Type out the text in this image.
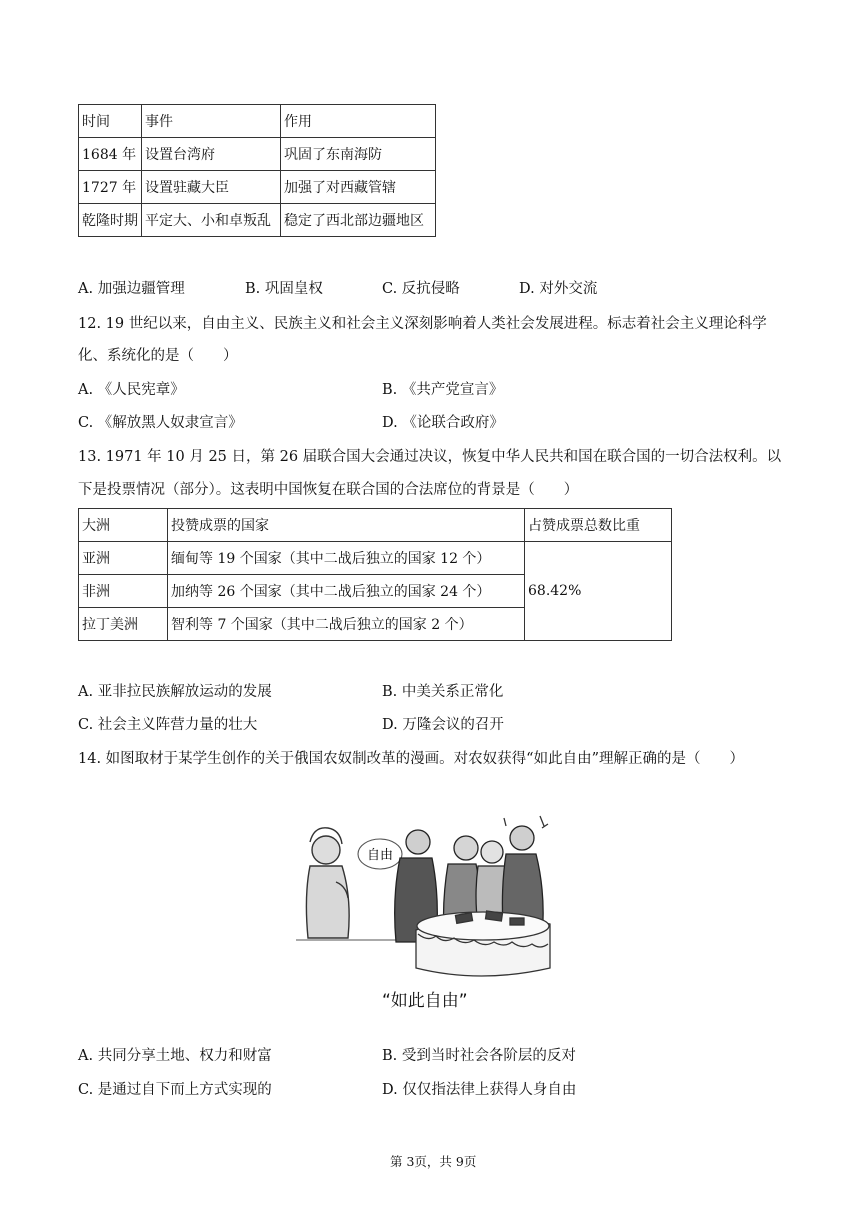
时间	事件	作用
1684 年	设置台湾府	巩固了东南海防
1727 年	设置驻藏大臣	加强了对西藏管辖
乾隆时期	平定大、小和卓叛乱	稳定了西北部边疆地区
A. 加强边疆管理	B. 巩固皇权	C. 反抗侵略	D. 对外交流
12. 19 世纪以来，自由主义、民族主义和社会主义深刻影响着人类社会发展进程。标志着社会主义理论科学
化、系统化的是（　　）
A. 《人民宪章》	B. 《共产党宣言》
C. 《解放黑人奴隶宣言》	D. 《论联合政府》
13. 1971 年 10 月 25 日，第 26 届联合国大会通过决议，恢复中华人民共和国在联合国的一切合法权利。以
下是投票情况（部分）。这表明中国恢复在联合国的合法席位的背景是（　　）
大洲	投赞成票的国家	占赞成票总数比重
亚洲	缅甸等 19 个国家（其中二战后独立的国家 12 个）	68.42%
非洲	加纳等 26 个国家（其中二战后独立的国家 24 个）	
拉丁美洲	智利等 7 个国家（其中二战后独立的国家 2 个）	
A. 亚非拉民族解放运动的发展	B. 中美关系正常化
C. 社会主义阵营力量的壮大	D. 万隆会议的召开
14. 如图取材于某学生创作的关于俄国农奴制改革的漫画。对农奴获得“如此自由”理解正确的是（　　）
自由
“如此自由”
A. 共同分享土地、权力和财富	B. 受到当时社会各阶层的反对
C. 是通过自下而上方式实现的	D. 仅仅指法律上获得人身自由
第 3页，共 9页
